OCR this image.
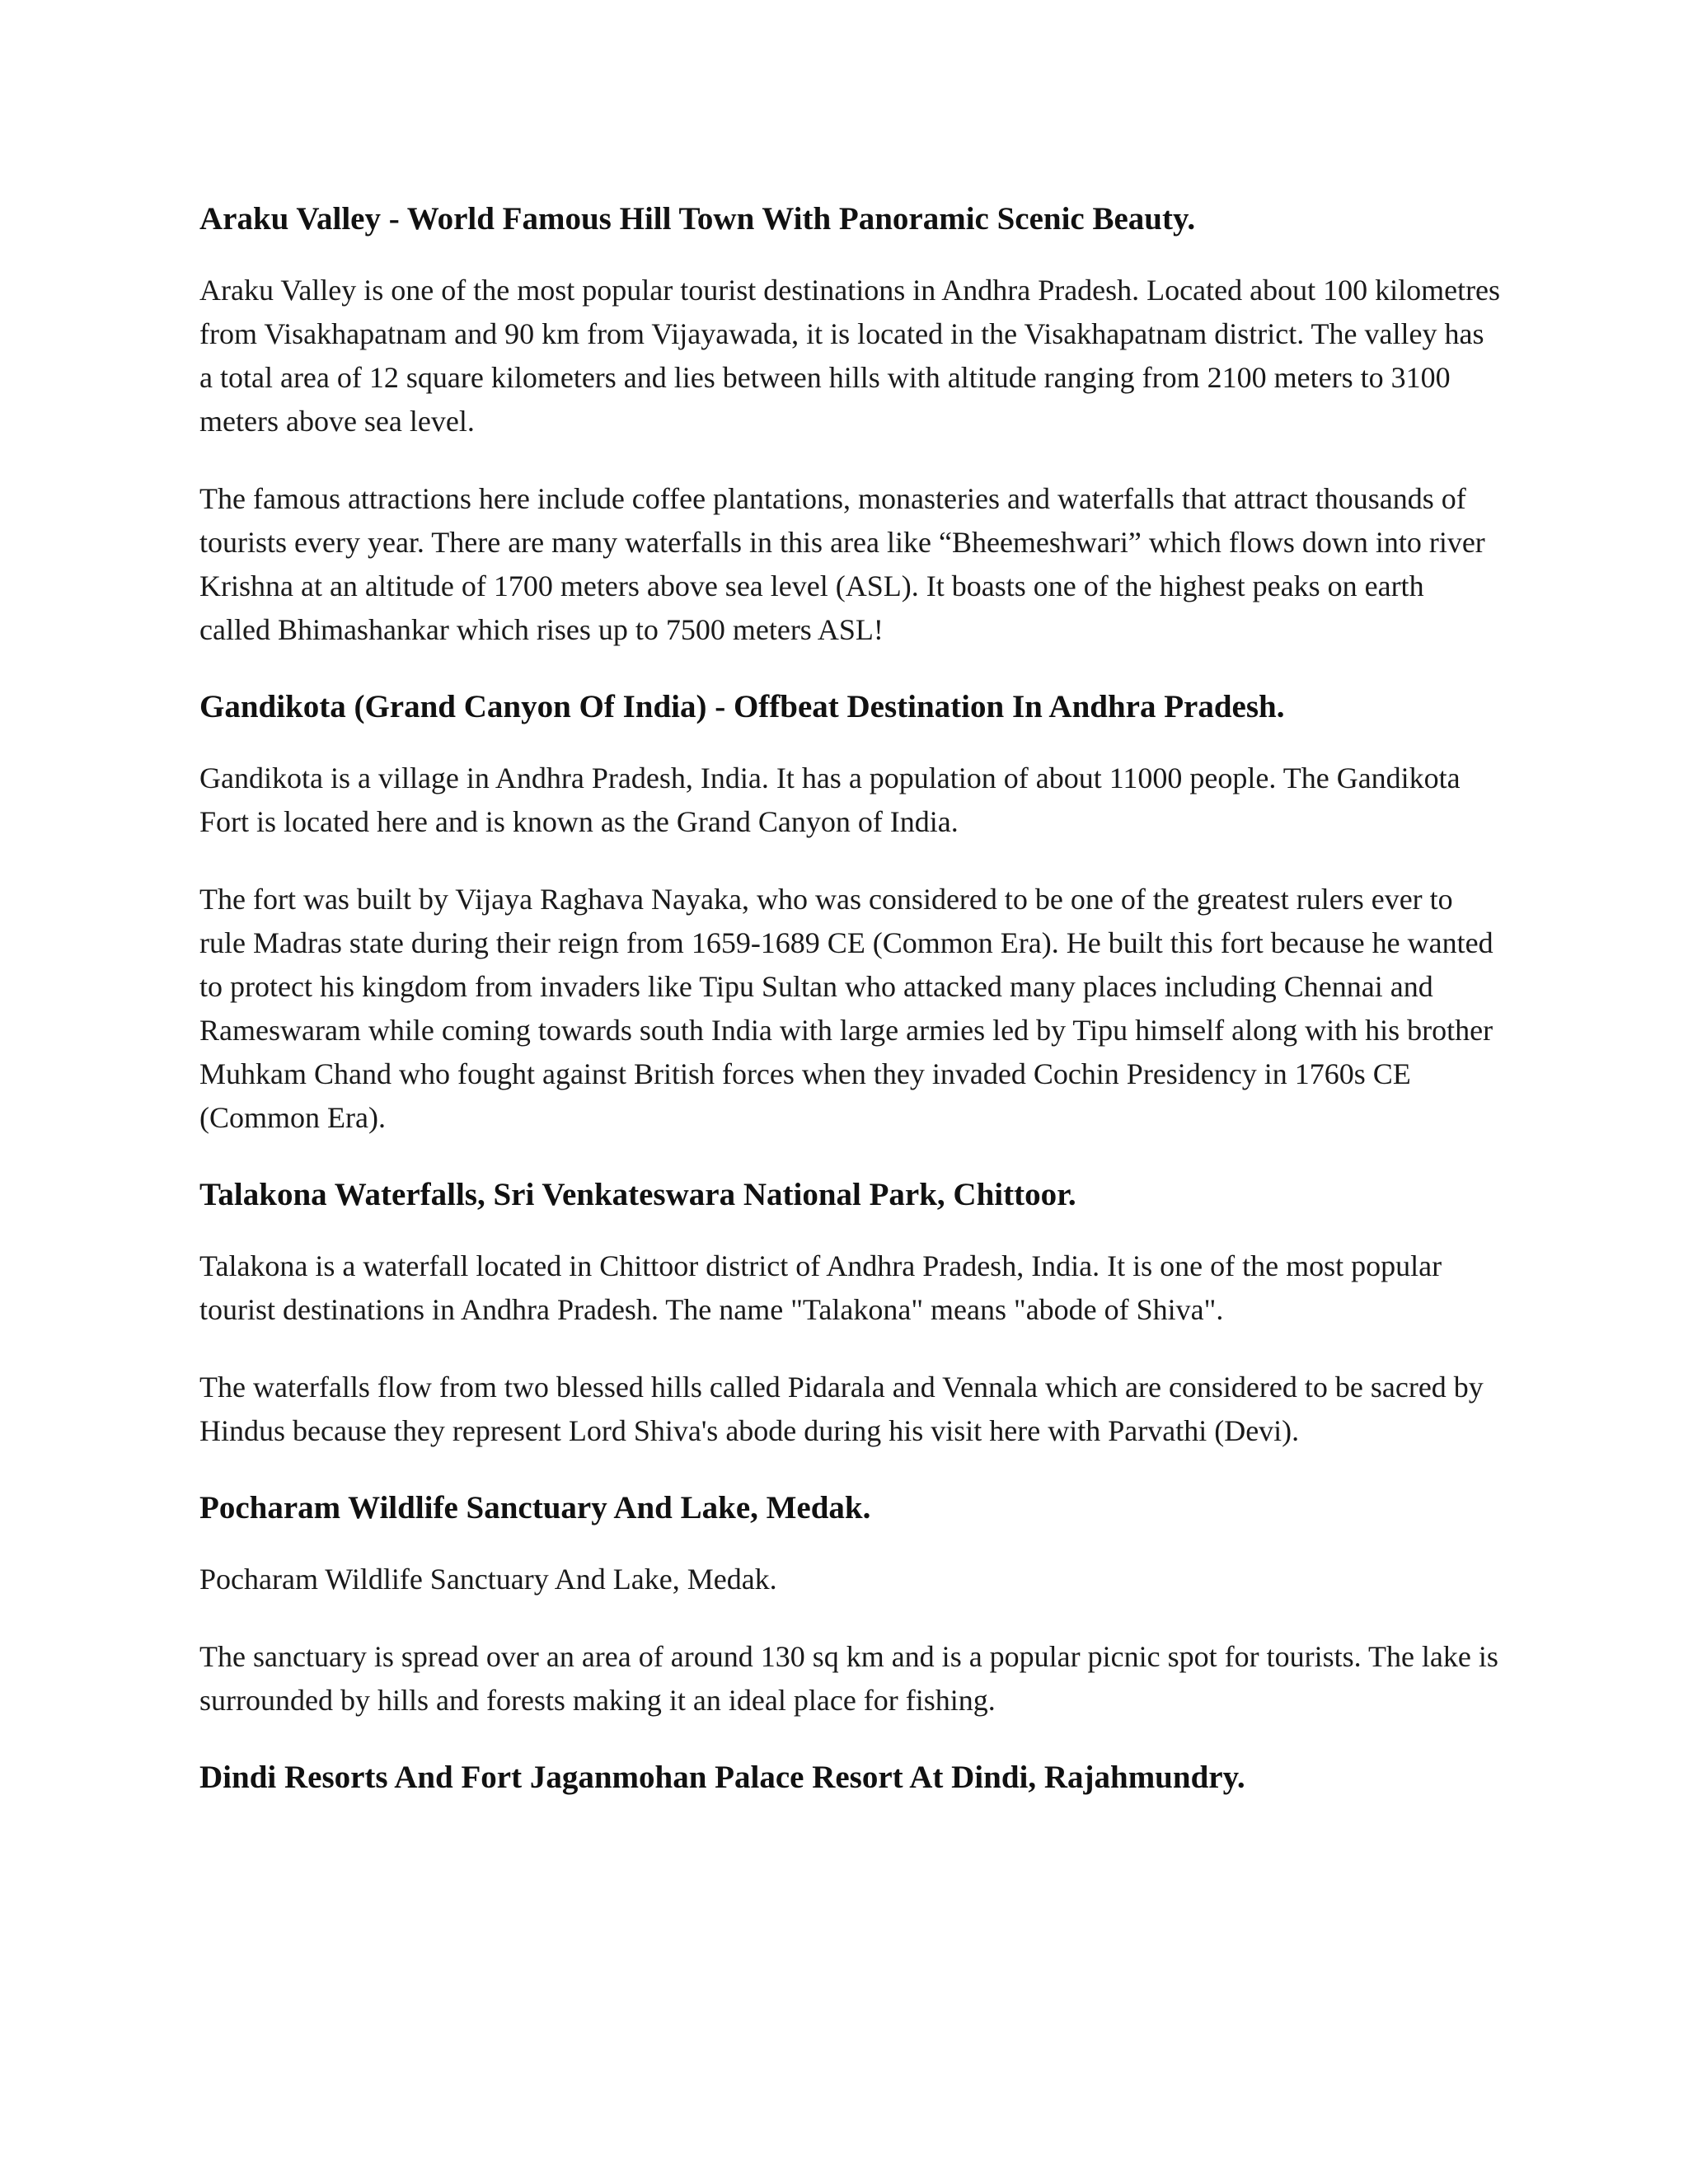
Araku Valley - World Famous Hill Town With Panoramic Scenic Beauty.

Araku Valley is one of the most popular tourist destinations in Andhra Pradesh. Located about 100 kilometres from Visakhapatnam and 90 km from Vijayawada, it is located in the Visakhapatnam district. The valley has a total area of 12 square kilometers and lies between hills with altitude ranging from 2100 meters to 3100 meters above sea level.

The famous attractions here include coffee plantations, monasteries and waterfalls that attract thousands of tourists every year. There are many waterfalls in this area like “Bheemeshwari” which flows down into river Krishna at an altitude of 1700 meters above sea level (ASL). It boasts one of the highest peaks on earth called Bhimashankar which rises up to 7500 meters ASL!

Gandikota (Grand Canyon Of India) - Offbeat Destination In Andhra Pradesh.

Gandikota is a village in Andhra Pradesh, India. It has a population of about 11000 people. The Gandikota Fort is located here and is known as the Grand Canyon of India.

The fort was built by Vijaya Raghava Nayaka, who was considered to be one of the greatest rulers ever to rule Madras state during their reign from 1659-1689 CE (Common Era). He built this fort because he wanted to protect his kingdom from invaders like Tipu Sultan who attacked many places including Chennai and Rameswaram while coming towards south India with large armies led by Tipu himself along with his brother Muhkam Chand who fought against British forces when they invaded Cochin Presidency in 1760s CE (Common Era).

Talakona Waterfalls, Sri Venkateswara National Park, Chittoor.

Talakona is a waterfall located in Chittoor district of Andhra Pradesh, India. It is one of the most popular tourist destinations in Andhra Pradesh. The name "Talakona" means "abode of Shiva".

The waterfalls flow from two blessed hills called Pidarala and Vennala which are considered to be sacred by Hindus because they represent Lord Shiva's abode during his visit here with Parvathi (Devi).

Pocharam Wildlife Sanctuary And Lake, Medak.

Pocharam Wildlife Sanctuary And Lake, Medak.

The sanctuary is spread over an area of around 130 sq km and is a popular picnic spot for tourists. The lake is surrounded by hills and forests making it an ideal place for fishing.

Dindi Resorts And Fort Jaganmohan Palace Resort At Dindi, Rajahmundry.
